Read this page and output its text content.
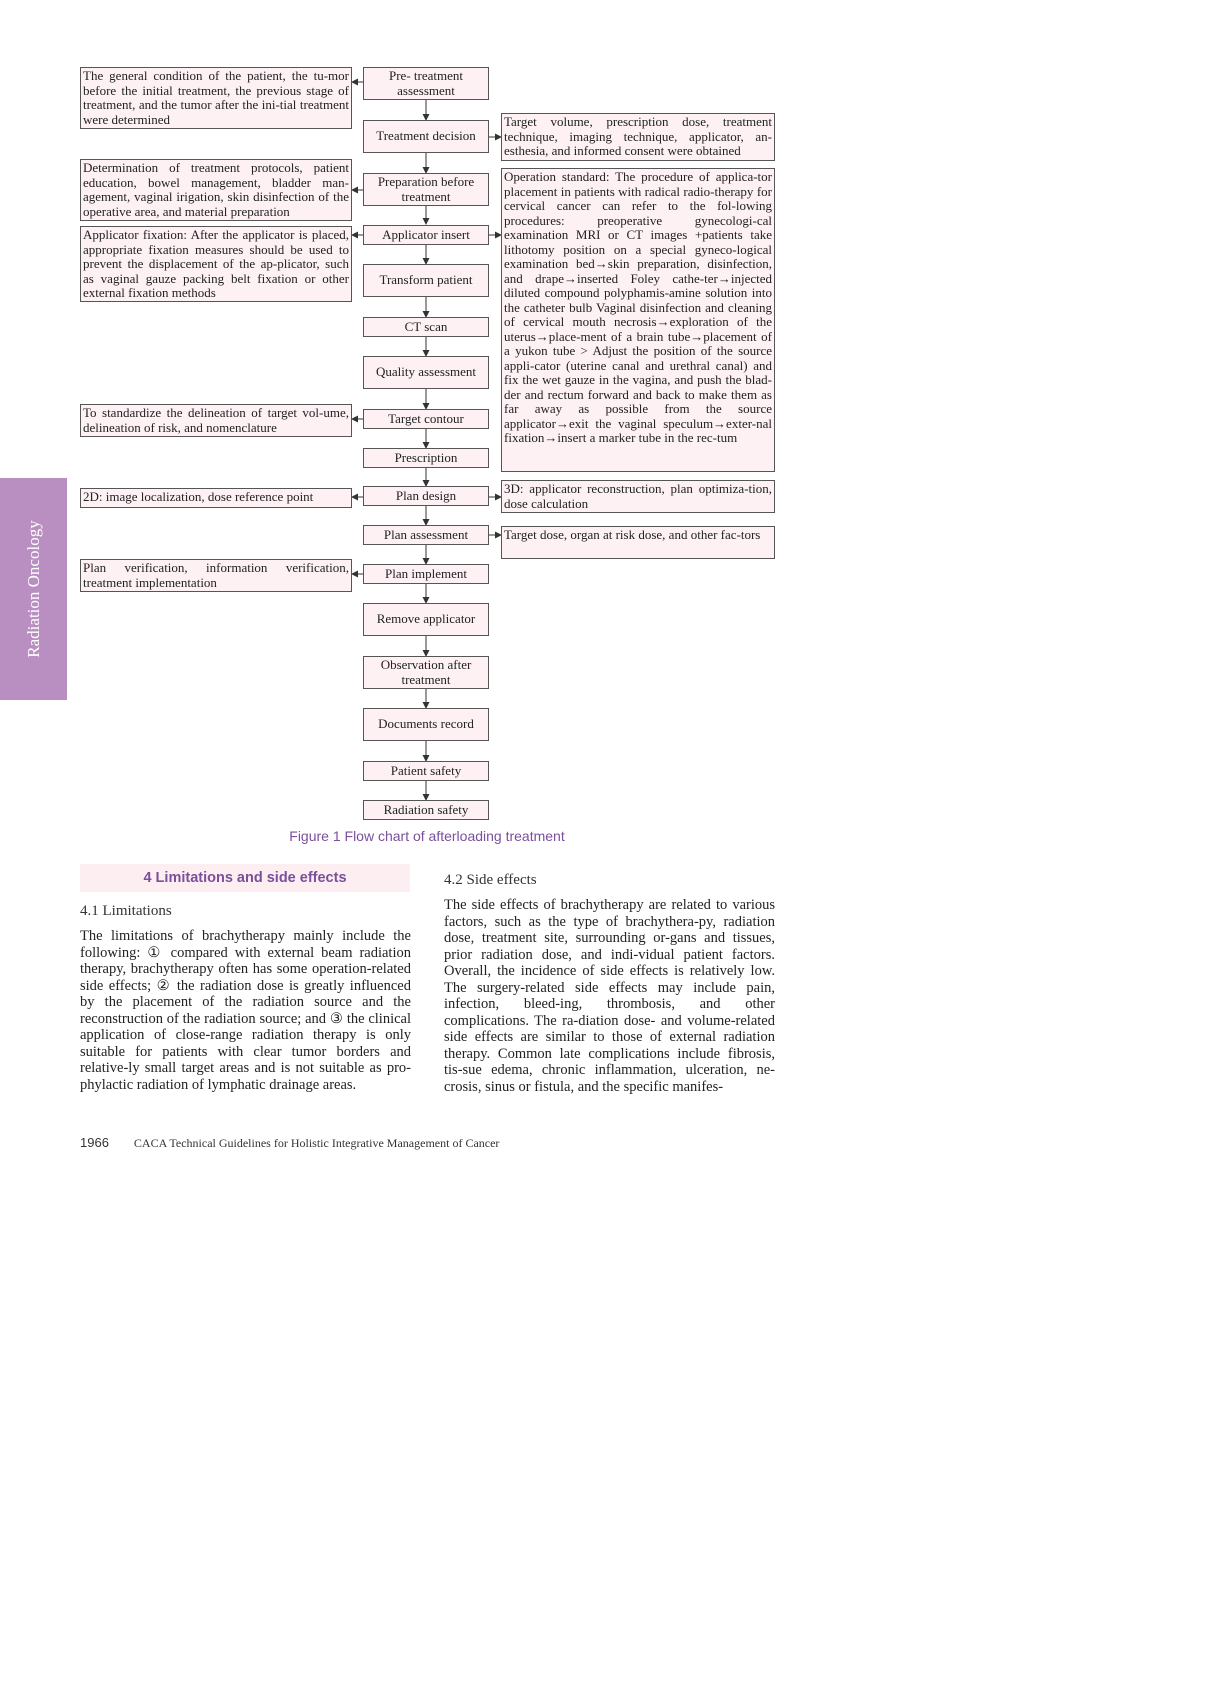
Radiation Oncology
Pre- treatment assessment
Treatment decision
Preparation before treatment
Applicator insert
Transform patient
CT scan
Quality assessment
Target contour
Prescription
Plan design
Plan assessment
Plan implement
Remove applicator
Observation after treatment
Documents record
Patient safety
Radiation safety
The general condition of the patient, the tu-mor before the initial treatment, the previous stage of treatment, and the tumor after the ini-tial treatment were determined
Determination of treatment protocols, patient education, bowel management, bladder man-agement, vaginal irigation, skin disinfection of the operative area, and material preparation
Applicator fixation: After the applicator is placed, appropriate fixation measures should be used to prevent the displacement of the ap-plicator, such as vaginal gauze packing belt fixation or other external fixation methods
To standardize the delineation of target vol-ume, delineation of risk, and nomenclature
2D: image localization, dose reference point
Plan verification, information verification, treatment implementation
Target volume, prescription dose, treatment technique, imaging technique, applicator, an-esthesia, and informed consent were obtained
Operation standard: The procedure of applica-tor placement in patients with radical radio-therapy for cervical cancer can refer to the fol-lowing procedures: preoperative gynecologi-cal examination MRI or CT images +patients take lithotomy position on a special gyneco-logical examination bed→skin preparation, disinfection, and drape→inserted Foley cathe-ter→injected diluted compound polyphamis-amine solution into the catheter bulb Vaginal disinfection and cleaning of cervical mouth necrosis→exploration of the uterus→place-ment of a brain tube→placement of a yukon tube > Adjust the position of the source appli-cator (uterine canal and urethral canal) and fix the wet gauze in the vagina, and push the blad-der and rectum forward and back to make them as far away as possible from the source applicator→exit the vaginal speculum→exter-nal fixation→insert a marker tube in the rec-tum
3D: applicator reconstruction, plan optimiza-tion, dose calculation
Target dose, organ at risk dose, and other fac-tors
Figure 1 Flow chart of afterloading treatment
4 Limitations and side effects
4.1 Limitations
The limitations of brachytherapy mainly include the following: ① compared with external beam radiation therapy, brachytherapy often has some operation-related side effects; ② the radiation dose is greatly influenced by the placement of the radiation source and the reconstruction of the radiation source; and ③ the clinical application of close-range radiation therapy is only suitable for patients with clear tumor borders and relative-ly small target areas and is not suitable as pro-phylactic radiation of lymphatic drainage areas.
4.2 Side effects
The side effects of brachytherapy are related to various factors, such as the type of brachythera-py, radiation dose, treatment site, surrounding or-gans and tissues, prior radiation dose, and indi-vidual patient factors. Overall, the incidence of side effects is relatively low. The surgery-related side effects may include pain, infection, bleed-ing, thrombosis, and other complications. The ra-diation dose- and volume-related side effects are similar to those of external radiation therapy. Common late complications include fibrosis, tis-sue edema, chronic inflammation, ulceration, ne-crosis, sinus or fistula, and the specific manifes-
1966 CACA Technical Guidelines for Holistic Integrative Management of Cancer
